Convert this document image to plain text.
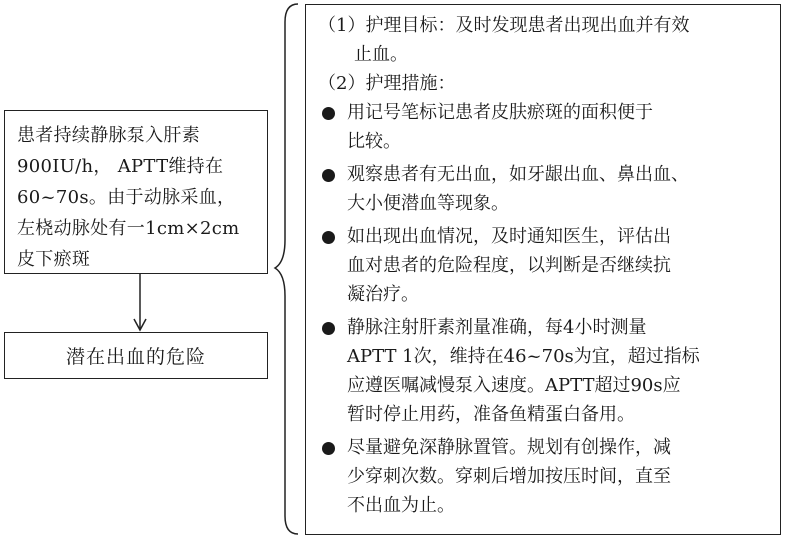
患者持续静脉泵入肝素
900IU/h， APTT维持在
60~70s。由于动脉采血，
左桡动脉处有一1cm×2cm
皮下瘀斑
潜在出血的危险
（1）护理目标：及时发现患者出现出血并有效
止血。
（2）护理措施：
用记号笔标记患者皮肤瘀斑的面积便于
比较。
观察患者有无出血，如牙龈出血、鼻出血、
大小便潜血等现象。
如出现出血情况，及时通知医生，评估出
血对患者的危险程度，以判断是否继续抗
凝治疗。
静脉注射肝素剂量准确，每4小时测量
APTT 1次，维持在46~70s为宜，超过指标
应遵医嘱减慢泵入速度。APTT超过90s应
暂时停止用药，准备鱼精蛋白备用。
尽量避免深静脉置管。规划有创操作，减
少穿刺次数。穿刺后增加按压时间，直至
不出血为止。
